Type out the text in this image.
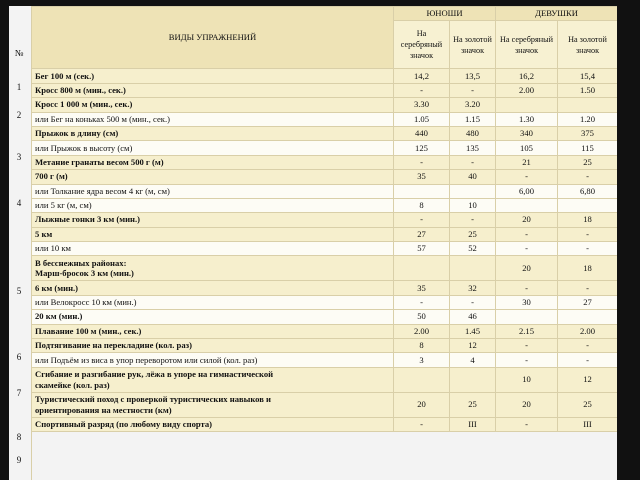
№
1
2
3
4
5
6
7
8
9
ВИДЫ УПРАЖНЕНИЙ	ЮНОШИ		ДЕВУШКИ	
	На серебряный значок	На золотой значок	На серебряный значок	На золотой значок
Бег 100 м (сек.)	14,2	13,5	16,2	15,4
Кросс 800 м (мин., сек.)	-	-	2.00	1.50
Кросс 1 000 м (мин., сек.)	3.30	3.20		
или Бег на коньках 500 м (мин., сек.)	1.05	1.15	1.30	1.20
Прыжок в длину (см)	440	480	340	375
или Прыжок в высоту (см)	125	135	105	115
Метание гранаты весом 500 г (м)	-	-	21	25
700 г (м)	35	40	-	-
или Толкание ядра весом 4 кг (м, см)			6,00	6,80
или 5 кг (м, см)	8	10		
Лыжные гонки 3 км (мин.)	-	-	20	18
5 км	27	25	-	-
или 10 км	57	52	-	-
В бесснежных районах:
Марш-бросок 3 км (мин.)			20	18
6 км (мин.)	35	32	-	-
или Велокросс 10 км (мин.)	-	-	30	27
20 км (мин.)	50	46		
Плавание 100 м (мин., сек.)	2.00	1.45	2.15	2.00
Подтягивание на перекладине (кол. раз)	8	12	-	-
или Подъём из виса в упор переворотом или силой (кол. раз)	3	4	-	-
Сгибание и разгибание рук, лёжа в упоре на гимнастической
скамейке (кол. раз)			10	12
Туристический поход с проверкой туристических навыков и
ориентирования на местности (км)	20	25	20	25
Спортивный разряд (по любому виду спорта)	-	III	-	III
